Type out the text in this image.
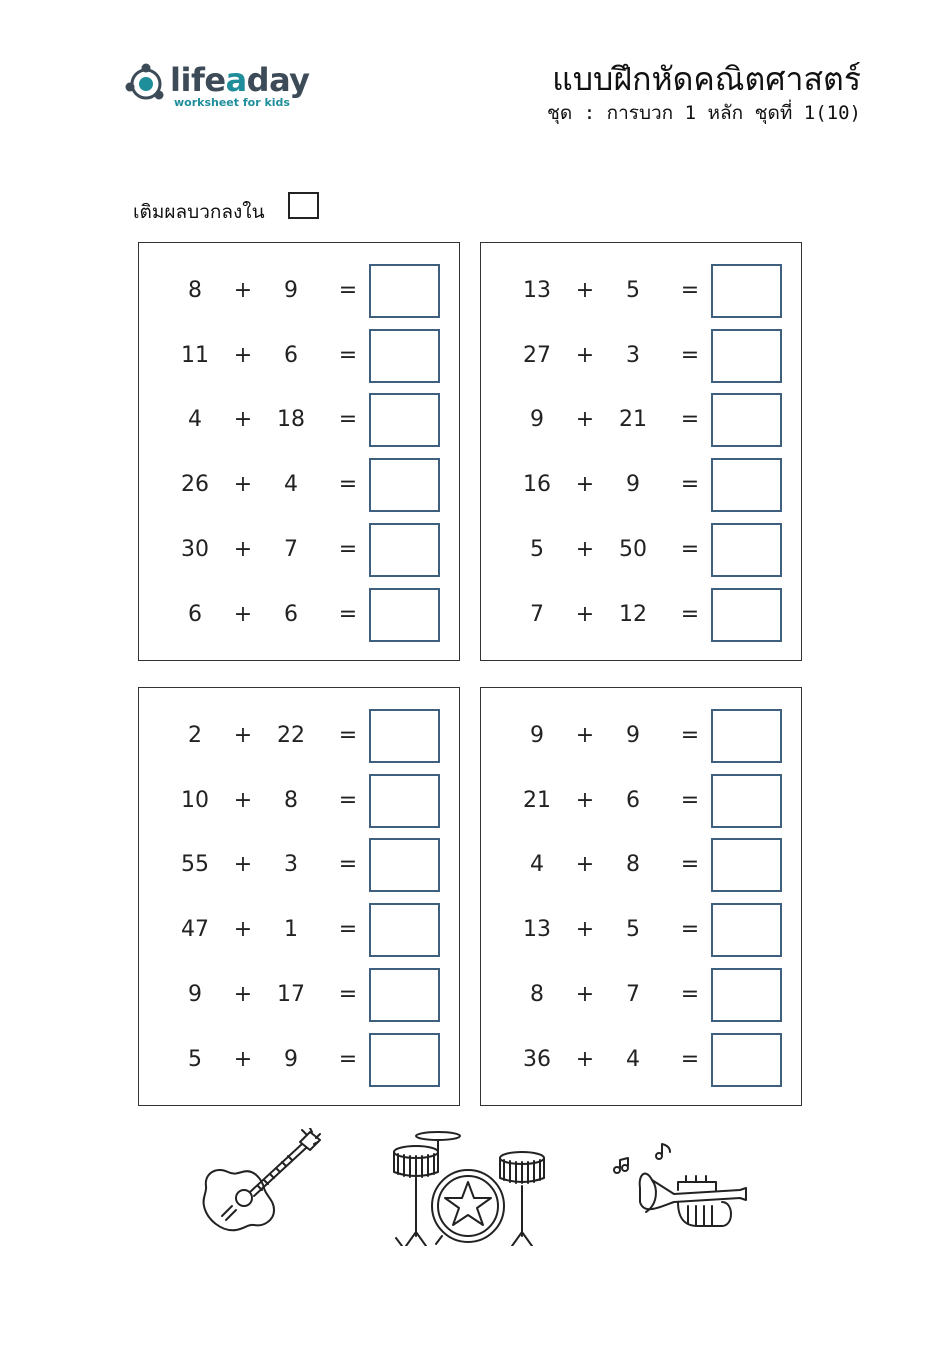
lifeaday
worksheet for kids
แบบฝึกหัดคณิตศาสตร์
ชุด : การบวก 1 หลัก ชุดที่ 1(10)
เติมผลบวกลงใน
8	+	9	=
11	+	6	=
4	+	18	=
26	+	4	=
30	+	7	=
6	+	6	=
13	+	5	=
27	+	3	=
9	+	21	=
16	+	9	=
5	+	50	=
7	+	12	=
2	+	22	=
10	+	8	=
55	+	3	=
47	+	1	=
9	+	17	=
5	+	9	=
9	+	9	=
21	+	6	=
4	+	8	=
13	+	5	=
8	+	7	=
36	+	4	=
